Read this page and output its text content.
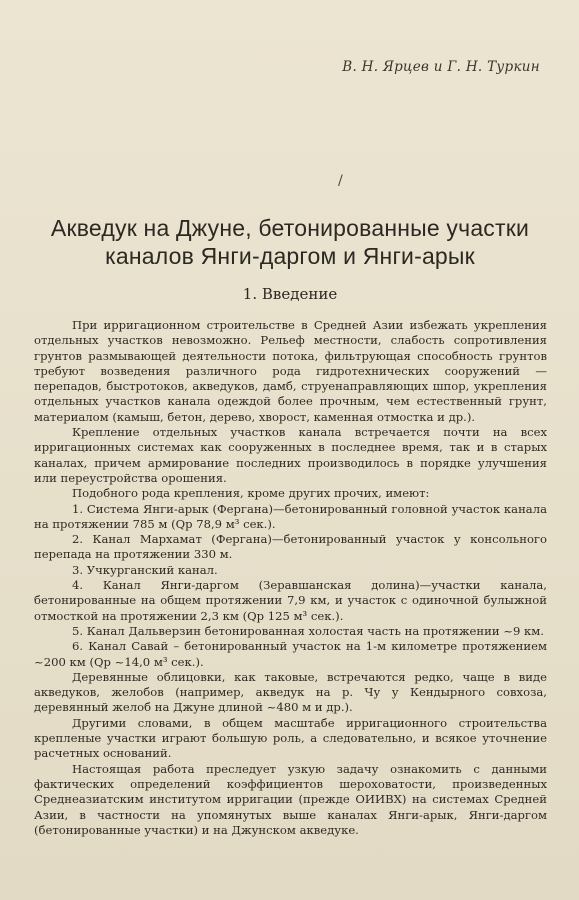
В. Н. Ярцев и Г. Н. Туркин
/
Акведук на Джуне, бетонированные участки каналов Янги-даргом и Янги-арык
1. Введение

При ирригационном строительстве в Средней Азии избежать укрепления отдельных участков невозможно. Рельеф местности, слабость сопротивления грунтов размывающей деятельности потока, фильтрующая способность грунтов требуют возведения различного рода гидротехнических сооружений — перепадов, быстротоков, акведуков, дамб, струенаправляющих шпор, укрепления отдельных участков канала одеждой более прочным, чем естественный грунт, материалом (камыш, бетон, дерево, хворост, каменная отмостка и др.).

Крепление отдельных участков канала встречается почти на всех ирригационных системах как сооруженных в последнее время, так и в старых каналах, причем армирование последних производилось в порядке улучшения или переустройства орошения.

Подобного рода крепления, кроме других прочих, имеют:

1. Система Янги-арык (Фергана)—бетонированный головной участок канала на протяжении 785 м (Qр 78,9 м³ сек.).

2. Канал Мархамат (Фергана)—бетонированный участок у консольного перепада на протяжении 330 м.

3. Учкурганский канал.

4. Канал Янги-даргом (Зеравшанская долина)—участки канала, бетонированные на общем протяжении 7,9 км, и участок с одиночной булыжной отмосткой на протяжении 2,3 км (Qр 125 м³ сек.).

5. Канал Дальверзин бетонированная холостая часть на протяжении ~9 км.

6. Канал Савай – бетонированный участок на 1-м километре протяжением ~200 км (Qр ~14,0 м³ сек.).

Деревянные облицовки, как таковые, встречаются редко, чаще в виде акведуков, желобов (например, акведук на р. Чу у Кендырного совхоза, деревянный желоб на Джуне длиной ~480 м и др.).

Другими словами, в общем масштабе ирригационного строительства крепленые участки играют большую роль, а следовательно, и всякое уточнение расчетных оснований.

Настоящая работа преследует узкую задачу ознакомить с данными фактических определений коэффициентов шероховатости, произведенных Среднеазиатским институтом ирригации (прежде ОИИВХ) на системах Средней Азии, в частности на упомянутых выше каналах Янги-арык, Янги-даргом (бетонированные участки) и на Джунском акведуке.
